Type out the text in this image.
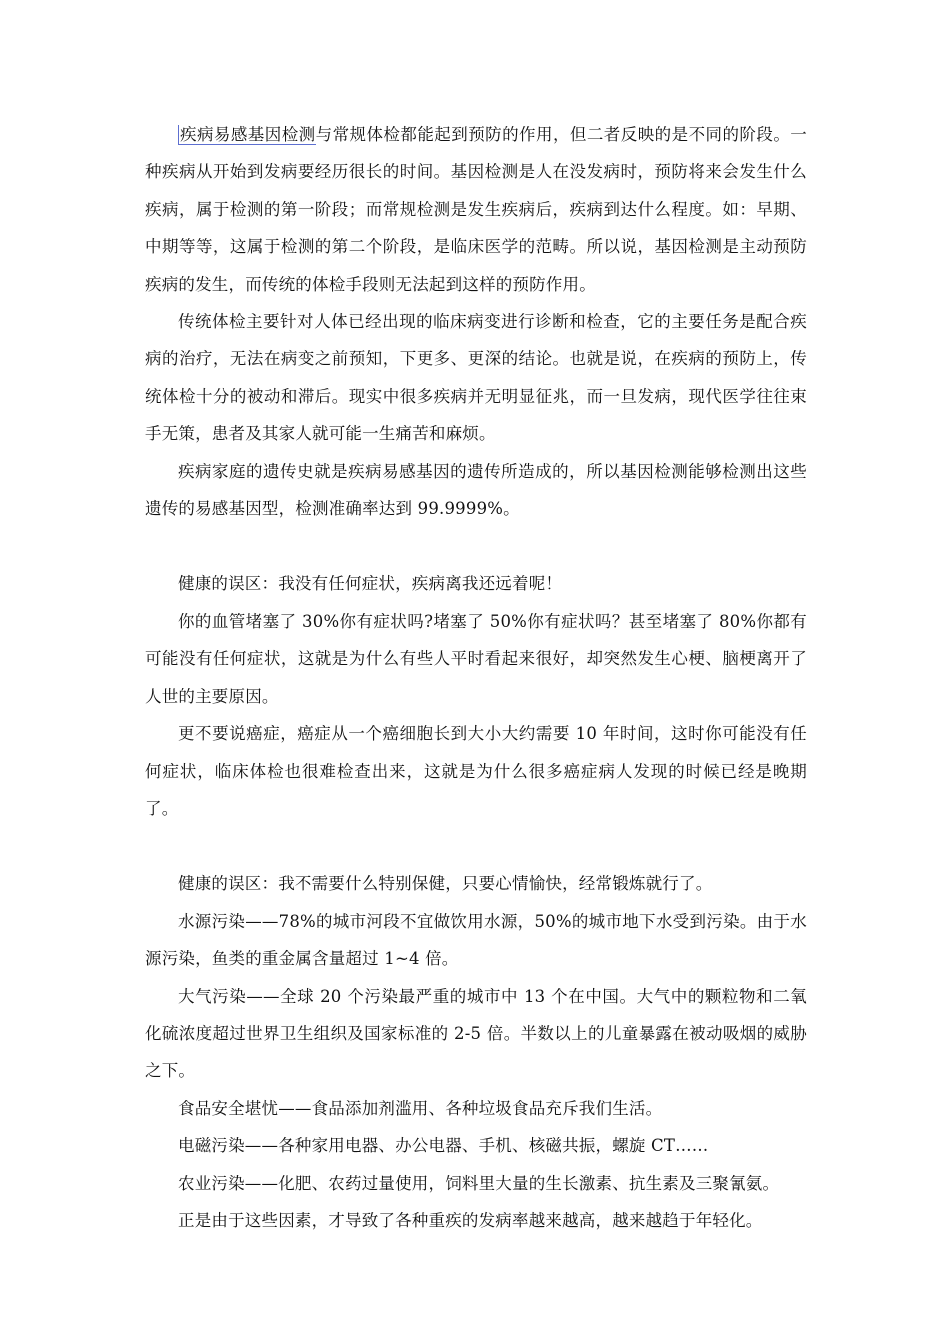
疾病易感基因检测与常规体检都能起到预防的作用，但二者反映的是不同的阶段。一种疾病从开始到发病要经历很长的时间。基因检测是人在没发病时，预防将来会发生什么疾病，属于检测的第一阶段；而常规检测是发生疾病后，疾病到达什么程度。如：早期、中期等等，这属于检测的第二个阶段，是临床医学的范畴。所以说，基因检测是主动预防疾病的发生，而传统的体检手段则无法起到这样的预防作用。

传统体检主要针对人体已经出现的临床病变进行诊断和检查，它的主要任务是配合疾病的治疗，无法在病变之前预知，下更多、更深的结论。也就是说，在疾病的预防上，传统体检十分的被动和滞后。现实中很多疾病并无明显征兆，而一旦发病，现代医学往往束手无策，患者及其家人就可能一生痛苦和麻烦。

疾病家庭的遗传史就是疾病易感基因的遗传所造成的，所以基因检测能够检测出这些遗传的易感基因型，检测准确率达到 99.9999%。

健康的误区：我没有任何症状，疾病离我还远着呢！

你的血管堵塞了 30%你有症状吗?堵塞了 50%你有症状吗？甚至堵塞了 80%你都有可能没有任何症状，这就是为什么有些人平时看起来很好，却突然发生心梗、脑梗离开了人世的主要原因。

更不要说癌症，癌症从一个癌细胞长到大小大约需要 10 年时间，这时你可能没有任何症状，临床体检也很难检查出来，这就是为什么很多癌症病人发现的时候已经是晚期了。

健康的误区：我不需要什么特别保健，只要心情愉快，经常锻炼就行了。

水源污染——78%的城市河段不宜做饮用水源，50%的城市地下水受到污染。由于水源污染，鱼类的重金属含量超过 1~4 倍。

大气污染——全球 20 个污染最严重的城市中 13 个在中国。大气中的颗粒物和二氧化硫浓度超过世界卫生组织及国家标准的 2-5 倍。半数以上的儿童暴露在被动吸烟的威胁之下。

食品安全堪忧——食品添加剂滥用、各种垃圾食品充斥我们生活。

电磁污染——各种家用电器、办公电器、手机、核磁共振，螺旋 CT……

农业污染——化肥、农药过量使用，饲料里大量的生长激素、抗生素及三聚氰氨。

正是由于这些因素，才导致了各种重疾的发病率越来越高，越来越趋于年轻化。
